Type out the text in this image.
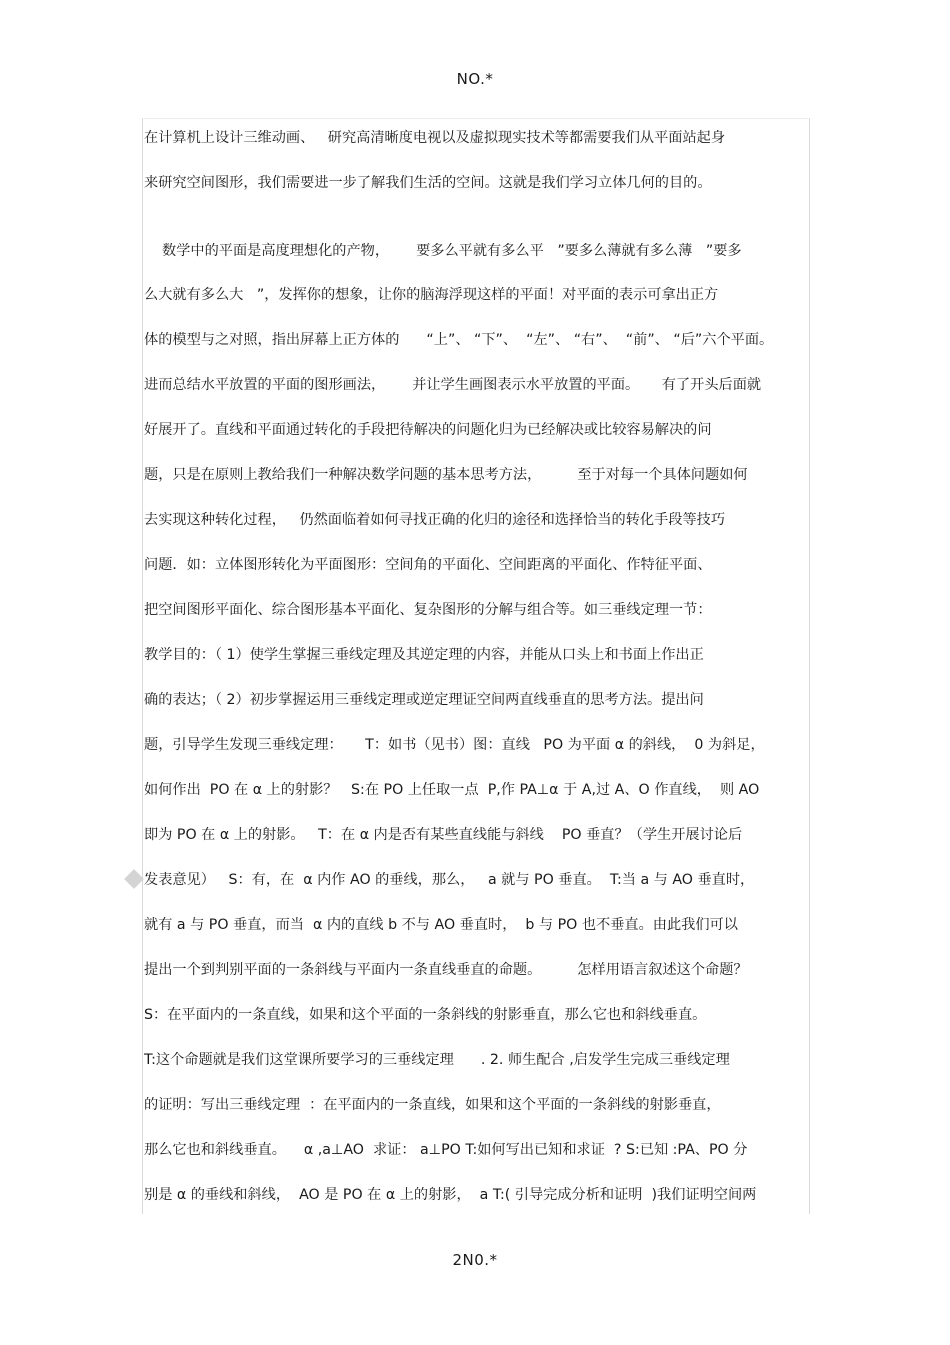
NO.*
在计算机上设计三维动画、   研究高清晰度电视以及虚拟现实技术等都需要我们从平面站起身
来研究空间图形，我们需要进一步了解我们生活的空间。这就是我们学习立体几何的目的。
数学中的平面是高度理想化的产物，      要多么平就有多么平   ”要多么薄就有多么薄   ”要多
么大就有多么大   ”，发挥你的想象，让你的脑海浮现这样的平面！对平面的表示可拿出正方
体的模型与之对照，指出屏幕上正方体的      “上”、 “下”、  “左”、 “右”、  “前”、 “后”六个平面。
进而总结水平放置的平面的图形画法，      并让学生画图表示水平放置的平面。     有了开头后面就
好展开了。直线和平面通过转化的手段把待解决的问题化归为已经解决或比较容易解决的问
题，只是在原则上教给我们一种解决数学问题的基本思考方法，        至于对每一个具体问题如何
去实现这种转化过程，   仍然面临着如何寻找正确的化归的途径和选择恰当的转化手段等技巧
问题．如：立体图形转化为平面图形：空间角的平面化、空间距离的平面化、作特征平面、
把空间图形平面化、综合图形基本平面化、复杂图形的分解与组合等。如三垂线定理一节：
教学目的：（ 1）使学生掌握三垂线定理及其逆定理的内容，并能从口头上和书面上作出正
确的表达；（ 2）初步掌握运用三垂线定理或逆定理证空间两直线垂直的思考方法。提出问
题，引导学生发现三垂线定理：     T：如书（见书）图：直线   PO 为平面 α 的斜线，  0 为斜足，
如何作出  PO 在 α 上的射影？   S:在 PO 上任取一点  P,作 PA⊥α 于 A,过 A、O 作直线，  则 AO
即为 PO 在 α 上的射影。   T：在 α 内是否有某些直线能与斜线    PO 垂直？（学生开展讨论后
发表意见）   S：有，在  α 内作 AO 的垂线，那么，   a 就与 PO 垂直。  T:当 a 与 AO 垂直时，
就有 a 与 PO 垂直，而当  α 内的直线 b 不与 AO 垂直时，  b 与 PO 也不垂直。由此我们可以
提出一个到判别平面的一条斜线与平面内一条直线垂直的命题。        怎样用语言叙述这个命题？
S：在平面内的一条直线，如果和这个平面的一条斜线的射影垂直，那么它也和斜线垂直。
T:这个命题就是我们这堂课所要学习的三垂线定理      . 2. 师生配合 ,启发学生完成三垂线定理
的证明：写出三垂线定理  ：在平面内的一条直线，如果和这个平面的一条斜线的射影垂直，
那么它也和斜线垂直。    α ,a⊥AO  求证： a⊥PO T:如何写出已知和求证  ? S:已知 :PA、PO 分
别是 α 的垂线和斜线，  AO 是 PO 在 α 上的射影，  a T:( 引导完成分析和证明  )我们证明空间两
2N0.*
